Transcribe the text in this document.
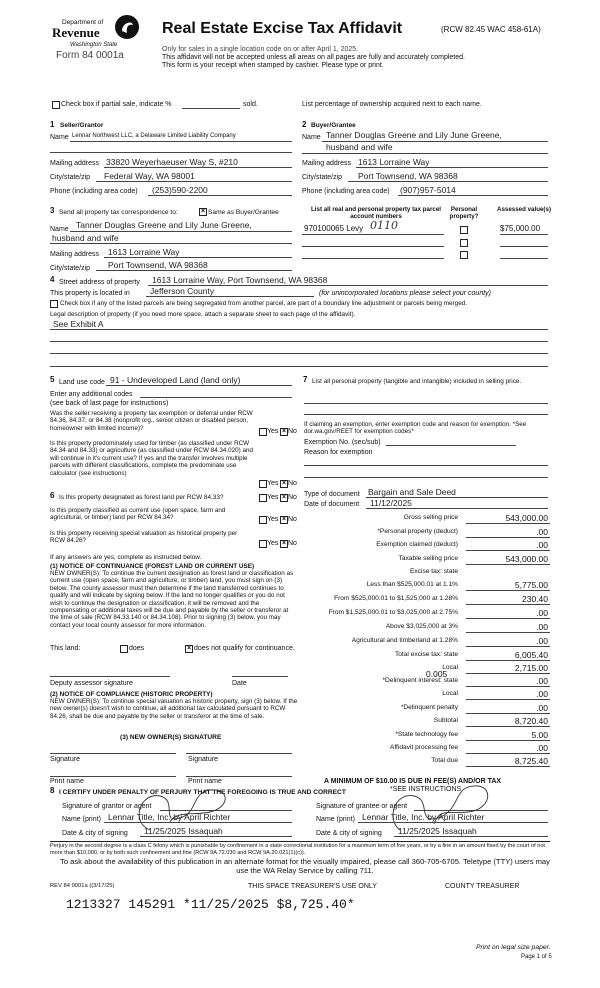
Department of
Revenue
Washington State
Form 84 0001a
Real Estate Excise Tax Affidavit	(RCW 82.45 WAC 458-61A)
Only for sales in a single location code on or after April 1, 2025.
This affidavit will not be accepted unless all areas on all pages are fully and accurately completed.
This form is your receipt when stamped by cashier. Please type or print.
Check box if partial sale, indicate %	sold.	List percentage of ownership acquired next to each name.
1 Seller/Grantor
Name Lennar Northwest LLC, a Delaware Limited Liability Company
Mailing address 33820 Weyerhaeuser Way S, #210
City/state/zip Federal Way, WA 98001
Phone (including area code) (253)590-2200
2 Buyer/Grantee
Name Tanner Douglas Greene and Lily June Greene,
husband and wife
Mailing address 1613 Lorraine Way
City/state/zip Port Townsend, WA 98368
Phone (including area code) (907)957-5014
3 Send all property tax correspondence to:	× Same as Buyer/Grantee
Name Tanner Douglas Greene and Lily June Greene,
husband and wife
Mailing address 1613 Lorraine Way
City/state/zip Port Townsend, WA 98368
List all real and personal property tax parcel account numbers
Personal property?
Assessed value(s)
970100065 Levy 0110	$75,000.00
4 Street address of property 1613 Lorraine Way, Port Townsend, WA 98368
This property is located in Jefferson County	(for unincorporated locations please select your county)
Check box if any of the listed parcels are being segregated from another parcel, are part of a boundary line adjustment or parcels being merged.
Legal description of property (if you need more space, attach a separate sheet to each page of the affidavit).
See Exhibit A
5 Land use code 91 - Undeveloped Land (land only)
Enter any additional codes
(see back of last page for instructions)
Was the seller receiving a property tax exemption or deferral under RCW 84.36, 84.37, or 84.38 (nonprofit org., senior citizen or disabled person, homeowner with limited income)?	Yes × No
Is this property predominately used for timber (as classified under RCW 84.34 and 84.33) or agriculture (as classified under RCW 84.34.020) and will continue in it's current use? If yes and the transfer involves multiple parcels with different classifications, complete the predominate use calculator (see instructions)
Yes × No
6 Is this property designated as forest land per RCW 84.33?	Yes × No
Is this property classified as current use (open space, farm and agricultural, or timber) land per RCW 84.34?	Yes × No
Is this property receiving special valuation as historical property per RCW 84.26?	Yes × No
If any answers are yes, complete as instructed below.
(1) NOTICE OF CONTINUANCE (FOREST LAND OR CURRENT USE)
NEW OWNER(S): To continue the current designation as forest land or classification as current use (open space, farm and agriculture, or timber) land, you must sign on (3) below. The county assessor must then determine if the land transferred continues to qualify and will indicate by signing below. If the land no longer qualifies or you do not wish to continue the designation or classification, it will be removed and the compensating or additional taxes will be due and payable by the seller or transferor at the time of sale (RCW 84.33.140 or 84.34.108). Prior to signing (3) below, you may contact your local county assessor for more information.
This land:	does	× does not qualify for continuance.
Deputy assessor signature	Date
(2) NOTICE OF COMPLIANCE (HISTORIC PROPERTY)
NEW OWNER(S): To continue special valuation as historic property, sign (3) below. If the new owner(s) doesn't wish to continue, all additional tax calculated pursuant to RCW 84.26, shall be due and payable by the seller or transferor at the time of sale.
(3) NEW OWNER(S) SIGNATURE
Signature	Signature
Print name	Print name
7 List all personal property (tangible and intangible) included in selling price.
If claiming an exemption, enter exemption code and reason for exemption. *See dor.wa.gov/REET for exemption codes*
Exemption No. (sec/sub)
Reason for exemption
Type of document Bargain and Sale Deed
Date of document 11/12/2025
Gross selling price	543,000.00
*Personal property (deduct)	.00
Exemption claimed (deduct)	.00
Taxable selling price	543,000.00
Excise tax: state
Less than $525,000.01 at 1.1%	5,775.00
From $525,000.01 to $1,525,000 at 1.28%	230.40
From $1,525,000.01 to $3,025,000 at 2.75%	.00
Above $3,025,000 at 3%	.00
Agricultural and timberland at 1.28%	.00
Total excise tax: state	6,005.40
Local	2,715.00
*Delinquent interest: state	.00
Local	.00
*Delinquent penalty	.00
Subtotal	8,720.40
*State technology fee	5.00
Affidavit processing fee	.00
Total due	8,725.40
0.005
A MINIMUM OF $10.00 IS DUE IN FEE(S) AND/OR TAX
*SEE INSTRUCTIONS
8 I CERTIFY UNDER PENALTY OF PERJURY THAT THE FOREGOING IS TRUE AND CORRECT
Signature of grantor or agent	Signature of grantee or agent
Name (print) Lennar Title, Inc. by April Richter	Name (print) Lennar Title, Inc. by April Richter
Date & city of signing 11/25/2025 Issaquah	Date & city of signing 11/25/2025 Issaquah
Perjury in the second degree is a class C felony which is punishable by confinement in a state correctional institution for a maximum term of five years, or by a fine in an amount fixed by the court of not more than $10,000, or by both such confinement and fine (RCW 9A.72.030 and RCW 9A.20.021(1)(c)).
To ask about the availability of this publication in an alternate format for the visually impaired, please call 360-705-6705. Teletype (TTY) users may use the WA Relay Service by calling 711.
REV 84 0001a ((3/17/25)	THIS SPACE TREASURER'S USE ONLY	COUNTY TREASURER
1213327 145291 *11/25/2025 $8,725.40*
Print on legal size paper.
Page 1 of 5
